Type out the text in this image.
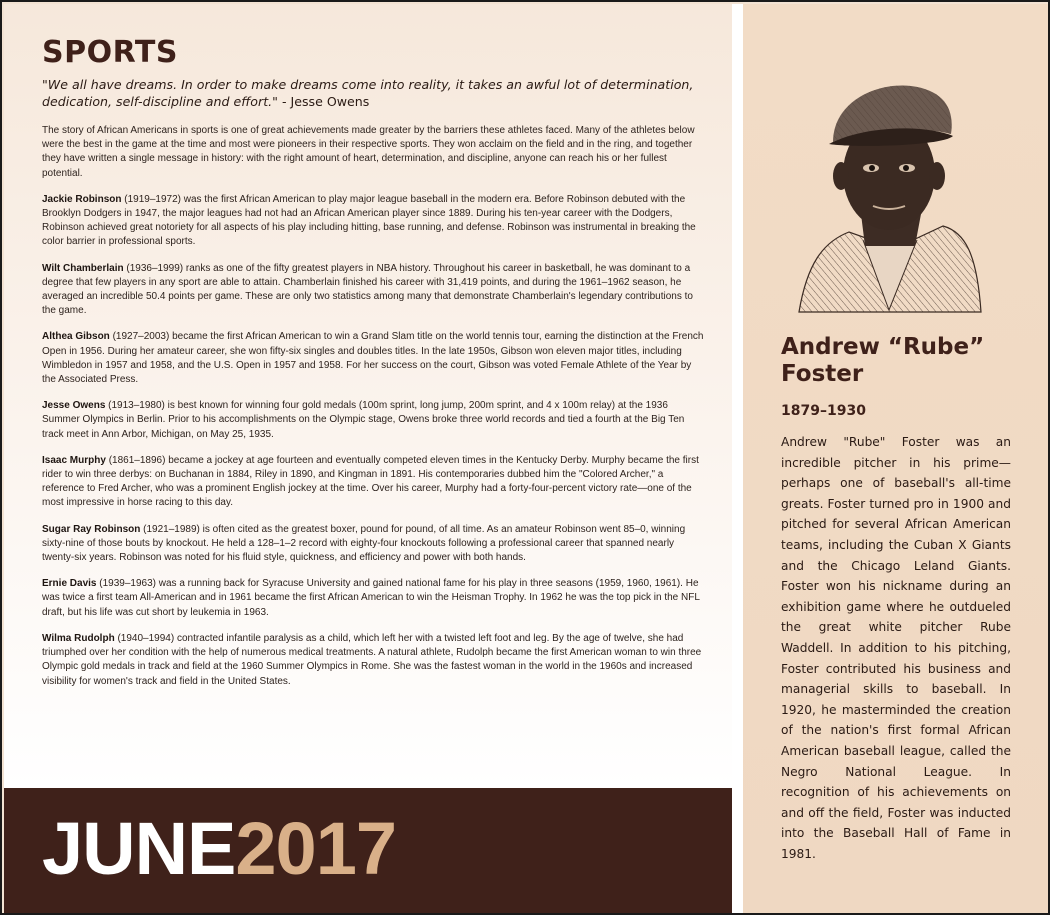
SPORTS

"We all have dreams. In order to make dreams come into reality, it takes an awful lot of determination, dedication, self-discipline and effort." - Jesse Owens

The story of African Americans in sports is one of great achievements made greater by the barriers these athletes faced. Many of the athletes below were the best in the game at the time and most were pioneers in their respective sports. They won acclaim on the field and in the ring, and together they have written a single message in history: with the right amount of heart, determination, and discipline, anyone can reach his or her fullest potential.

Jackie Robinson (1919–1972) was the first African American to play major league baseball in the modern era. Before Robinson debuted with the Brooklyn Dodgers in 1947, the major leagues had not had an African American player since 1889. During his ten-year career with the Dodgers, Robinson achieved great notoriety for all aspects of his play including hitting, base running, and defense. Robinson was instrumental in breaking the color barrier in professional sports.

Wilt Chamberlain (1936–1999) ranks as one of the fifty greatest players in NBA history. Throughout his career in basketball, he was dominant to a degree that few players in any sport are able to attain. Chamberlain finished his career with 31,419 points, and during the 1961–1962 season, he averaged an incredible 50.4 points per game. These are only two statistics among many that demonstrate Chamberlain's legendary contributions to the game.

Althea Gibson (1927–2003) became the first African American to win a Grand Slam title on the world tennis tour, earning the distinction at the French Open in 1956. During her amateur career, she won fifty-six singles and doubles titles. In the late 1950s, Gibson won eleven major titles, including Wimbledon in 1957 and 1958, and the U.S. Open in 1957 and 1958. For her success on the court, Gibson was voted Female Athlete of the Year by the Associated Press.

Jesse Owens (1913–1980) is best known for winning four gold medals (100m sprint, long jump, 200m sprint, and 4 x 100m relay) at the 1936 Summer Olympics in Berlin. Prior to his accomplishments on the Olympic stage, Owens broke three world records and tied a fourth at the Big Ten track meet in Ann Arbor, Michigan, on May 25, 1935.

Isaac Murphy (1861–1896) became a jockey at age fourteen and eventually competed eleven times in the Kentucky Derby. Murphy became the first rider to win three derbys: on Buchanan in 1884, Riley in 1890, and Kingman in 1891. His contemporaries dubbed him the "Colored Archer," a reference to Fred Archer, who was a prominent English jockey at the time. Over his career, Murphy had a forty-four-percent victory rate—one of the most impressive in horse racing to this day.

Sugar Ray Robinson (1921–1989) is often cited as the greatest boxer, pound for pound, of all time. As an amateur Robinson went 85–0, winning sixty-nine of those bouts by knockout. He held a 128–1–2 record with eighty-four knockouts following a professional career that spanned nearly twenty-six years. Robinson was noted for his fluid style, quickness, and efficiency and power with both hands.

Ernie Davis (1939–1963) was a running back for Syracuse University and gained national fame for his play in three seasons (1959, 1960, 1961). He was twice a first team All-American and in 1961 became the first African American to win the Heisman Trophy. In 1962 he was the top pick in the NFL draft, but his life was cut short by leukemia in 1963.

Wilma Rudolph (1940–1994) contracted infantile paralysis as a child, which left her with a twisted left foot and leg. By the age of twelve, she had triumphed over her condition with the help of numerous medical treatments. A natural athlete, Rudolph became the first American woman to win three Olympic gold medals in track and field at the 1960 Summer Olympics in Rome. She was the fastest woman in the world in the 1960s and increased visibility for women's track and field in the United States.

JUNE2017
Andrew “Rube” Foster
1879–1930

Andrew "Rube" Foster was an incredible pitcher in his prime—perhaps one of baseball's all-time greats. Foster turned pro in 1900 and pitched for several African American teams, including the Cuban X Giants and the Chicago Leland Giants. Foster won his nickname during an exhibition game where he outdueled the great white pitcher Rube Waddell. In addition to his pitching, Foster contributed his business and managerial skills to baseball. In 1920, he masterminded the creation of the nation's first formal African American baseball league, called the Negro National League. In recognition of his achievements on and off the field, Foster was inducted into the Baseball Hall of Fame in 1981.
